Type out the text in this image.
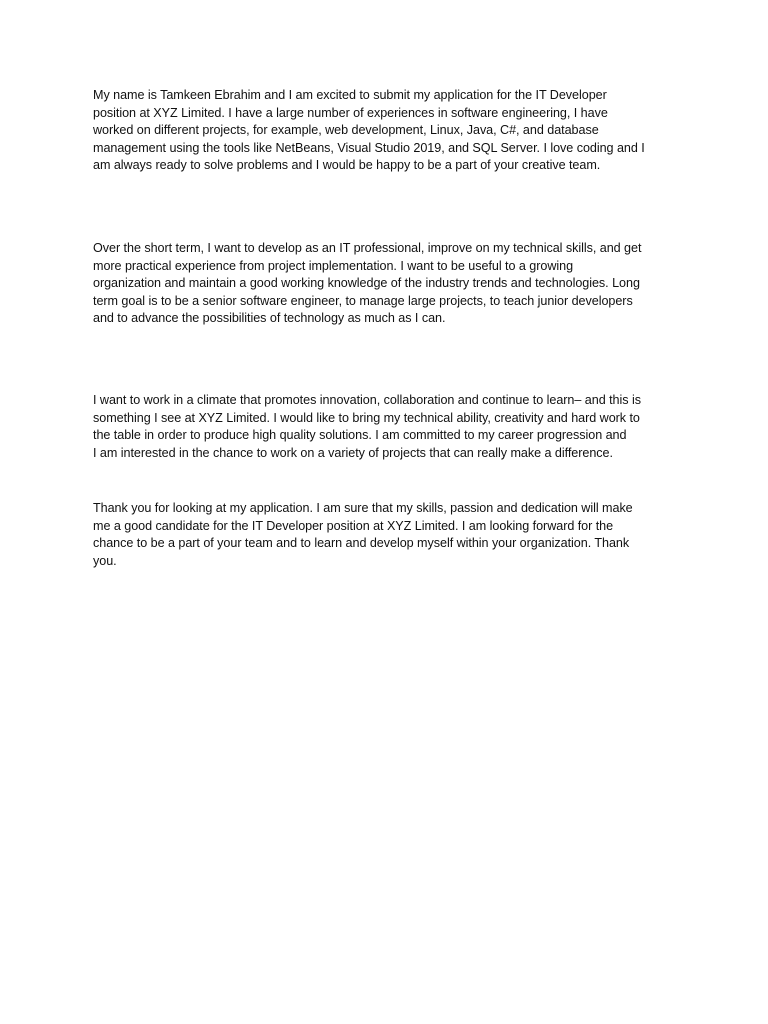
My name is Tamkeen Ebrahim and I am excited to submit my application for the IT Developer
position at XYZ Limited. I have a large number of experiences in software engineering, I have
worked on different projects, for example, web development, Linux, Java, C#, and database
management using the tools like NetBeans, Visual Studio 2019, and SQL Server. I love coding and I
am always ready to solve problems and I would be happy to be a part of your creative team.

Over the short term, I want to develop as an IT professional, improve on my technical skills, and get
more practical experience from project implementation. I want to be useful to a growing
organization and maintain a good working knowledge of the industry trends and technologies. Long
term goal is to be a senior software engineer, to manage large projects, to teach junior developers
and to advance the possibilities of technology as much as I can.

I want to work in a climate that promotes innovation, collaboration and continue to learn– and this is
something I see at XYZ Limited. I would like to bring my technical ability, creativity and hard work to
the table in order to produce high quality solutions. I am committed to my career progression and
I am interested in the chance to work on a variety of projects that can really make a difference.

Thank you for looking at my application. I am sure that my skills, passion and dedication will make
me a good candidate for the IT Developer position at XYZ Limited. I am looking forward for the
chance to be a part of your team and to learn and develop myself within your organization. Thank
you.
